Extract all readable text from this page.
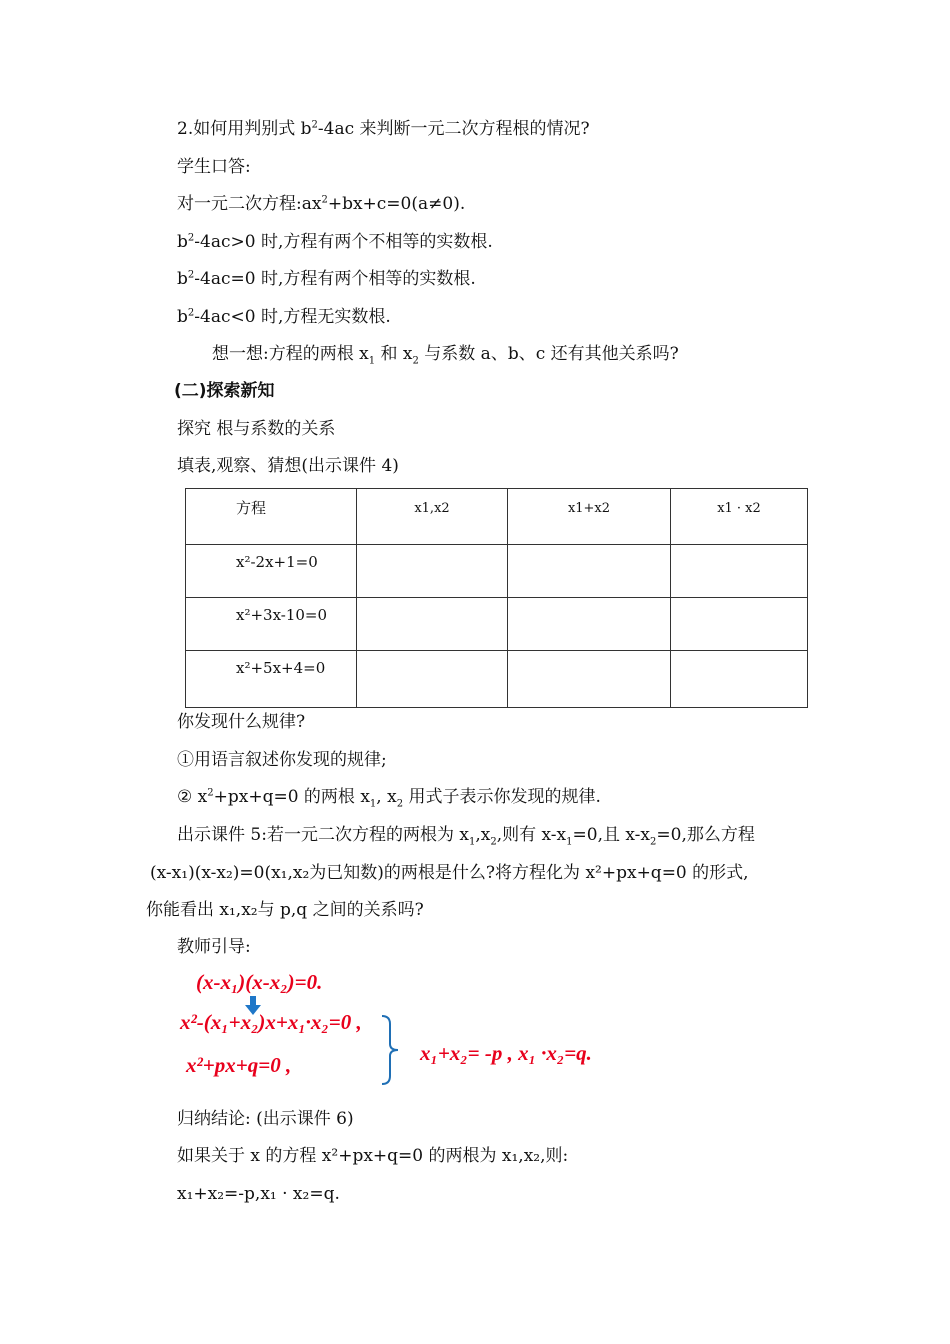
2.如何用判别式 $b^2-4ac$ 来判断一元二次方程根的情况?
学生口答:
对一元二次方程$:ax^2+bx+c=0(a\ne 0)$.
$b^2-4ac>0$ 时,方程有两个不相等的实数根.
$b^2-4ac=0$ 时,方程有两个相等的实数根.
$b^2-4ac<0$ 时,方程无实数根.
想一想:方程的两根 $x_1$ 和 $x_2$ 与系数 a、b、c 还有其他关系吗?
(二)探索新知
探究 根与系数的关系
填表,观察、猜想(出示课件 4)
方程	x1,x2	x1+x2	x1 · x2
x²-2x+1=0			
x²+3x-10=0			
x²+5x+4=0			
你发现什么规律?
①用语言叙述你发现的规律;
② $x^2+px+q=0$ 的两根 $x_1$, $x_2$ 用式子表示你发现的规律.
出示课件 5:若一元二次方程的两根为 $x_1,x_2$,则有 $x-x_1=0$,且 $x-x_2=0$,那么方程
(x-x₁)(x-x₂)=0(x₁,x₂为已知数)的两根是什么?将方程化为 x²+px+q=0 的形式,
你能看出 x₁,x₂与 p,q 之间的关系吗?
教师引导:
(x-x₁)(x-x₂)=0.
x²-(x₁+x₂)x+x₁·x₂=0 ,
x²+px+q=0 ,	x₁+x₂= -p , x₁ ·x₂=q.
归纳结论: (出示课件 6)
如果关于 x 的方程 x²+px+q=0 的两根为 x₁,x₂,则:
x₁+x₂=-p,x₁ · x₂=q.
